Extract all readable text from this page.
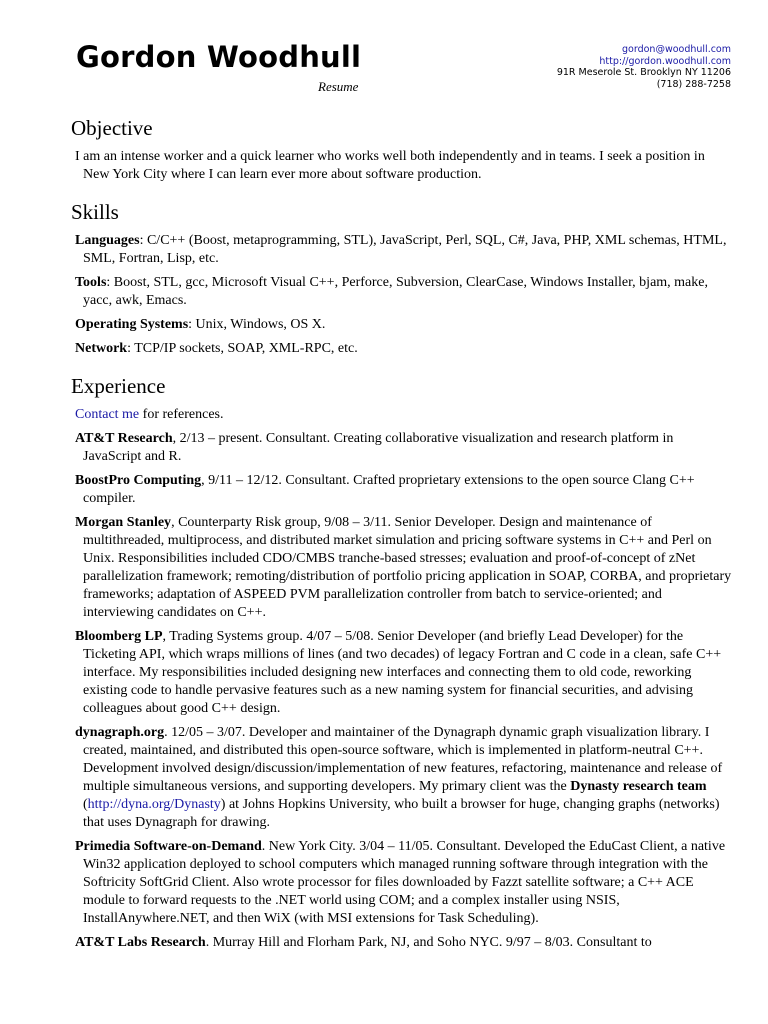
Gordon Woodhull
Resume
gordon@woodhull.com
http://gordon.woodhull.com
91R Meserole St. Brooklyn NY 11206
(718) 288-7258
Objective

I am an intense worker and a quick learner who works well both independently and in teams. I seek a position in New York City where I can learn ever more about software production.

Skills

Languages: C/C++ (Boost, metaprogramming, STL), JavaScript, Perl, SQL, C#, Java, PHP, XML schemas, HTML, SML, Fortran, Lisp, etc.

Tools: Boost, STL, gcc, Microsoft Visual C++, Perforce, Subversion, ClearCase, Windows Installer, bjam, make, yacc, awk, Emacs.

Operating Systems: Unix, Windows, OS X.

Network: TCP/IP sockets, SOAP, XML-RPC, etc.

Experience

Contact me for references.

AT&T Research, 2/13 – present. Consultant. Creating collaborative visualization and research platform in JavaScript and R.

BoostPro Computing, 9/11 – 12/12. Consultant. Crafted proprietary extensions to the open source Clang C++ compiler.

Morgan Stanley, Counterparty Risk group, 9/08 – 3/11. Senior Developer. Design and maintenance of multithreaded, multiprocess, and distributed market simulation and pricing software systems in C++ and Perl on Unix. Responsibilities included CDO/CMBS tranche-based stresses; evaluation and proof-of-concept of zNet parallelization framework; remoting/distribution of portfolio pricing application in SOAP, CORBA, and proprietary frameworks; adaptation of ASPEED PVM parallelization controller from batch to service-oriented; and interviewing candidates on C++.

Bloomberg LP, Trading Systems group. 4/07 – 5/08. Senior Developer (and briefly Lead Developer) for the Ticketing API, which wraps millions of lines (and two decades) of legacy Fortran and C code in a clean, safe C++ interface. My responsibilities included designing new interfaces and connecting them to old code, reworking existing code to handle pervasive features such as a new naming system for financial securities, and advising colleagues about good C++ design.

dynagraph.org. 12/05 – 3/07. Developer and maintainer of the Dynagraph dynamic graph visualization library. I created, maintained, and distributed this open-source software, which is implemented in platform-neutral C++. Development involved design/discussion/implementation of new features, refactoring, maintenance and release of multiple simultaneous versions, and supporting developers. My primary client was the Dynasty research team (http://dyna.org/Dynasty) at Johns Hopkins University, who built a browser for huge, changing graphs (networks) that uses Dynagraph for drawing.

Primedia Software-on-Demand. New York City. 3/04 – 11/05. Consultant. Developed the EduCast Client, a native Win32 application deployed to school computers which managed running software through integration with the Softricity SoftGrid Client. Also wrote processor for files downloaded by Fazzt satellite software; a C++ ACE module to forward requests to the .NET world using COM; and a complex installer using NSIS, InstallAnywhere.NET, and then WiX (with MSI extensions for Task Scheduling).

AT&T Labs Research. Murray Hill and Florham Park, NJ, and Soho NYC. 9/97 – 8/03. Consultant to
